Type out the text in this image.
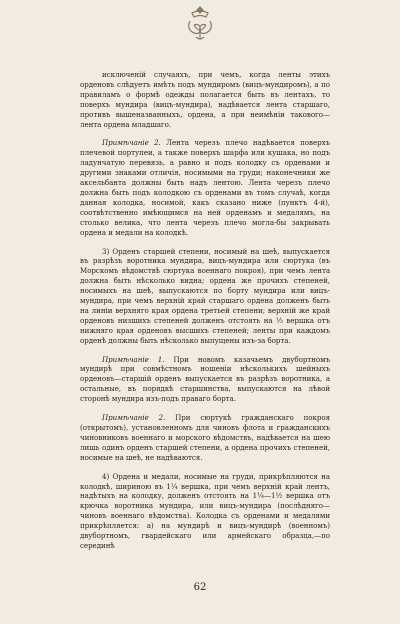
исключеній случаяхъ, при чемъ, когда ленты этихъ орденовъ слѣдуетъ имѣть подъ мундиромъ (вицъ-мундиромъ), а по правиламъ о формѣ одежды полагается быть въ лентахъ, то поверхъ мундира (вицъ-мундира), надѣвается лента старшаго, противъ вышеназванныхъ, ордена, а при неимѣніи такового—лента ордена младшаго.

Примѣчаніе 2. Лента черезъ плечо надѣвается поверхъ плечевой портупеи, а также поверхъ шарфа или кушака, но подъ ладунчатую перевязь, а равно и подъ колодку съ орденами и другими знаками отличія, носимыми на груди; наконечники же аксельбанта должны быть надъ лентою. Лента черезъ плечо должна быть подъ колодкою съ орденами въ томъ случаѣ, когда данная колодка, носимой, какъ сказано ниже (пунктъ 4-й), соотвѣтственно имѣющимся на ней орденамъ и медалямъ, на столько велика, что лента черезъ плечо могла-бы закрывать ордена и медали на колодкѣ.

3) Орденъ старшей степени, носимый на шеѣ, выпускается въ разрѣзъ воротника мундира, вицъ-мундира или сюртука (въ Морскомъ вѣдомствѣ сюртука военнаго покроя), при чемъ лента должна быть нѣсколько видна; ордена же прочихъ степеней, носимыхъ на шеѣ, выпускаются по борту мундира или вицъ-мундира, при чемъ верхній край старшаго ордена долженъ быть на линіи верхняго края ордена третьей степени; верхній же край орденовъ низшихъ степеней долженъ отстоять на ⅓ вершка отъ нижняго края орденовъ высшихъ степеней; ленты при каждомъ орденѣ должны быть нѣсколько выпущены изъ-за борта.

Примѣчаніе 1. При новомъ казачьемъ двубортномъ мундирѣ при совмѣстномъ ношеніи нѣсколькихъ шейныхъ орденовъ—старшій орденъ выпускается въ разрѣзъ воротника, а остальные, въ порядкѣ старшинства, выпускаются на лѣвой сторонѣ мундира изъ-подъ праваго борта.

Примѣчаніе 2. При сюртукѣ гражданскаго покроя (открытомъ), установленномъ для чиновъ флота и гражданскихъ чиновниковъ военнаго и морского вѣдомствъ, надѣвается на шею лишь одинъ орденъ старшей степени, а ордена прочихъ степеней, носимые на шеѣ, не надѣваются.

4) Ордена и медали, носимые на груди, прикрѣпляются на колодкѣ, шириною въ 1¼ вершка, при чемъ верхній край лентъ, надѣтыхъ на колодку, долженъ отстоять на 1¼—1½ вершка отъ крючка воротника мундира, или вицъ-мундира (послѣдняго—чиновъ военнаго вѣдомства). Колодка съ орденами и медалями прикрѣпляется: а) на мундирѣ и вицъ-мундирѣ (военномъ) двубортномъ, гвардейскаго или армейскаго образца,—по серединѣ

62
